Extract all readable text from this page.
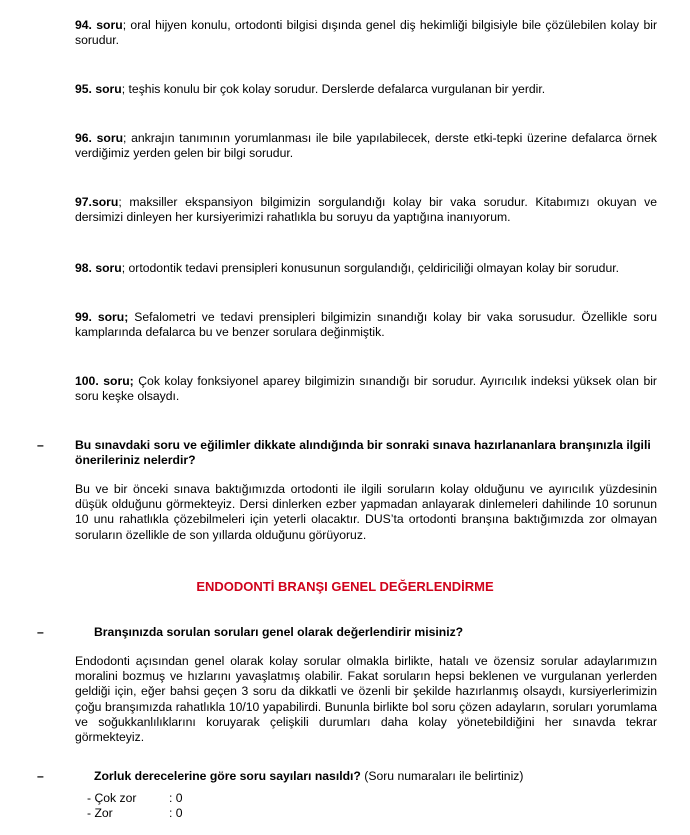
94. soru; oral hijyen konulu, ortodonti bilgisi dışında genel diş hekimliği bilgisiyle bile çözülebilen kolay bir sorudur.

95. soru; teşhis konulu bir çok kolay sorudur. Derslerde defalarca vurgulanan bir yerdir.

96. soru; ankrajın tanımının yorumlanması ile bile yapılabilecek, derste etki-tepki üzerine defalarca örnek verdiğimiz yerden gelen bir bilgi sorudur.

97.soru; maksiller ekspansiyon bilgimizin sorgulandığı kolay bir vaka sorudur. Kitabımızı okuyan ve dersimizi dinleyen her kursiyerimizi rahatlıkla bu soruyu da yaptığına inanıyorum.

98. soru; ortodontik tedavi prensipleri konusunun sorgulandığı, çeldiriciliği olmayan kolay bir sorudur.

99. soru; Sefalometri ve tedavi prensipleri bilgimizin sınandığı kolay bir vaka sorusudur. Özellikle soru kamplarında defalarca bu ve benzer sorulara değinmiştik.

100. soru; Çok kolay fonksiyonel aparey bilgimizin sınandığı bir sorudur. Ayırıcılık indeksi yüksek olan bir soru keşke olsaydı.

–	Bu sınavdaki soru ve eğilimler dikkate alındığında bir sonraki sınava hazırlananlara branşınızla ilgili önerileriniz nelerdir?

Bu ve bir önceki sınava baktığımızda ortodonti ile ilgili soruların kolay olduğunu ve ayırıcılık yüzdesinin düşük olduğunu görmekteyiz. Dersi dinlerken ezber yapmadan anlayarak dinlemeleri dahilinde 10 sorunun 10 unu rahatlıkla çözebilmeleri için yeterli olacaktır. DUS’ta ortodonti branşına baktığımızda zor olmayan soruların özellikle de son yıllarda olduğunu görüyoruz.

ENDODONTİ BRANŞI GENEL DEĞERLENDİRME

–	Branşınızda sorulan soruları genel olarak değerlendirir misiniz?

Endodonti açısından genel olarak kolay sorular olmakla birlikte, hatalı ve özensiz sorular adaylarımızın moralini bozmuş ve hızlarını yavaşlatmış olabilir. Fakat soruların hepsi beklenen ve vurgulanan yerlerden geldiği için, eğer bahsi geçen 3 soru da dikkatli ve özenli bir şekilde hazırlanmış olsaydı, kursiyerlerimizin çoğu branşımızda rahatlıkla 10/10 yapabilirdi. Bununla birlikte bol soru çözen adayların, soruları yorumlama ve soğukkanlılıklarını koruyarak çelişkili durumları daha kolay yönetebildiğini her sınavda tekrar görmekteyiz.

–	Zorluk derecelerine göre soru sayıları nasıldı? (Soru numaraları ile belirtiniz)

- Çok zor	: 0

- Zor	: 0
